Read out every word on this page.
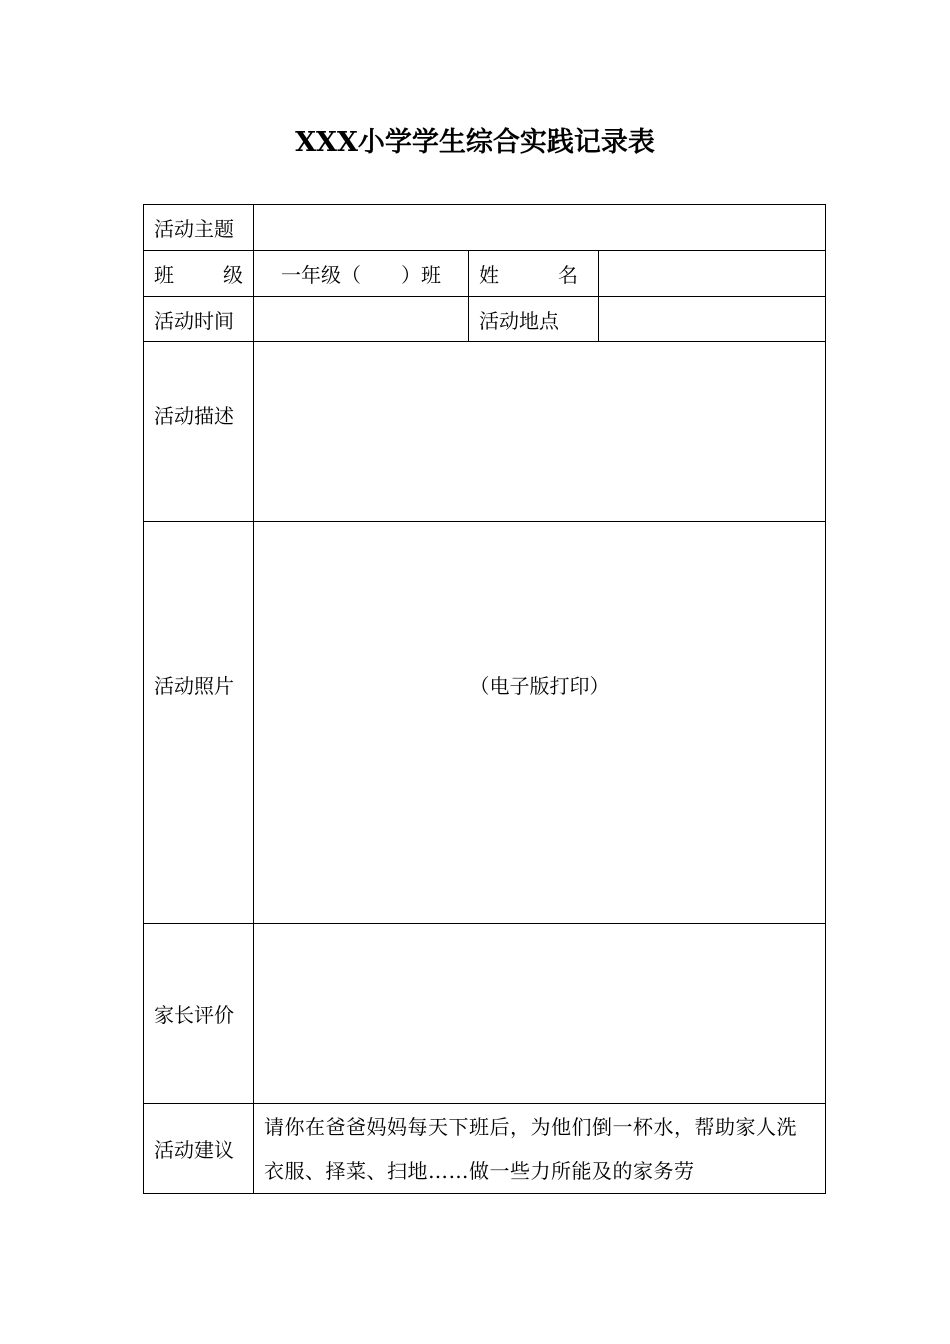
XXX小学学生综合实践记录表
活动主题			

班 级	一年级（　　）班	姓 名	

活动时间		活动地点	
活动描述			
活动照片	（电子版打印）		
家长评价			
活动建议	请你在爸爸妈妈每天下班后，为他们倒一杯水，帮助家人洗衣服、择菜、扫地……做一些力所能及的家务劳		
